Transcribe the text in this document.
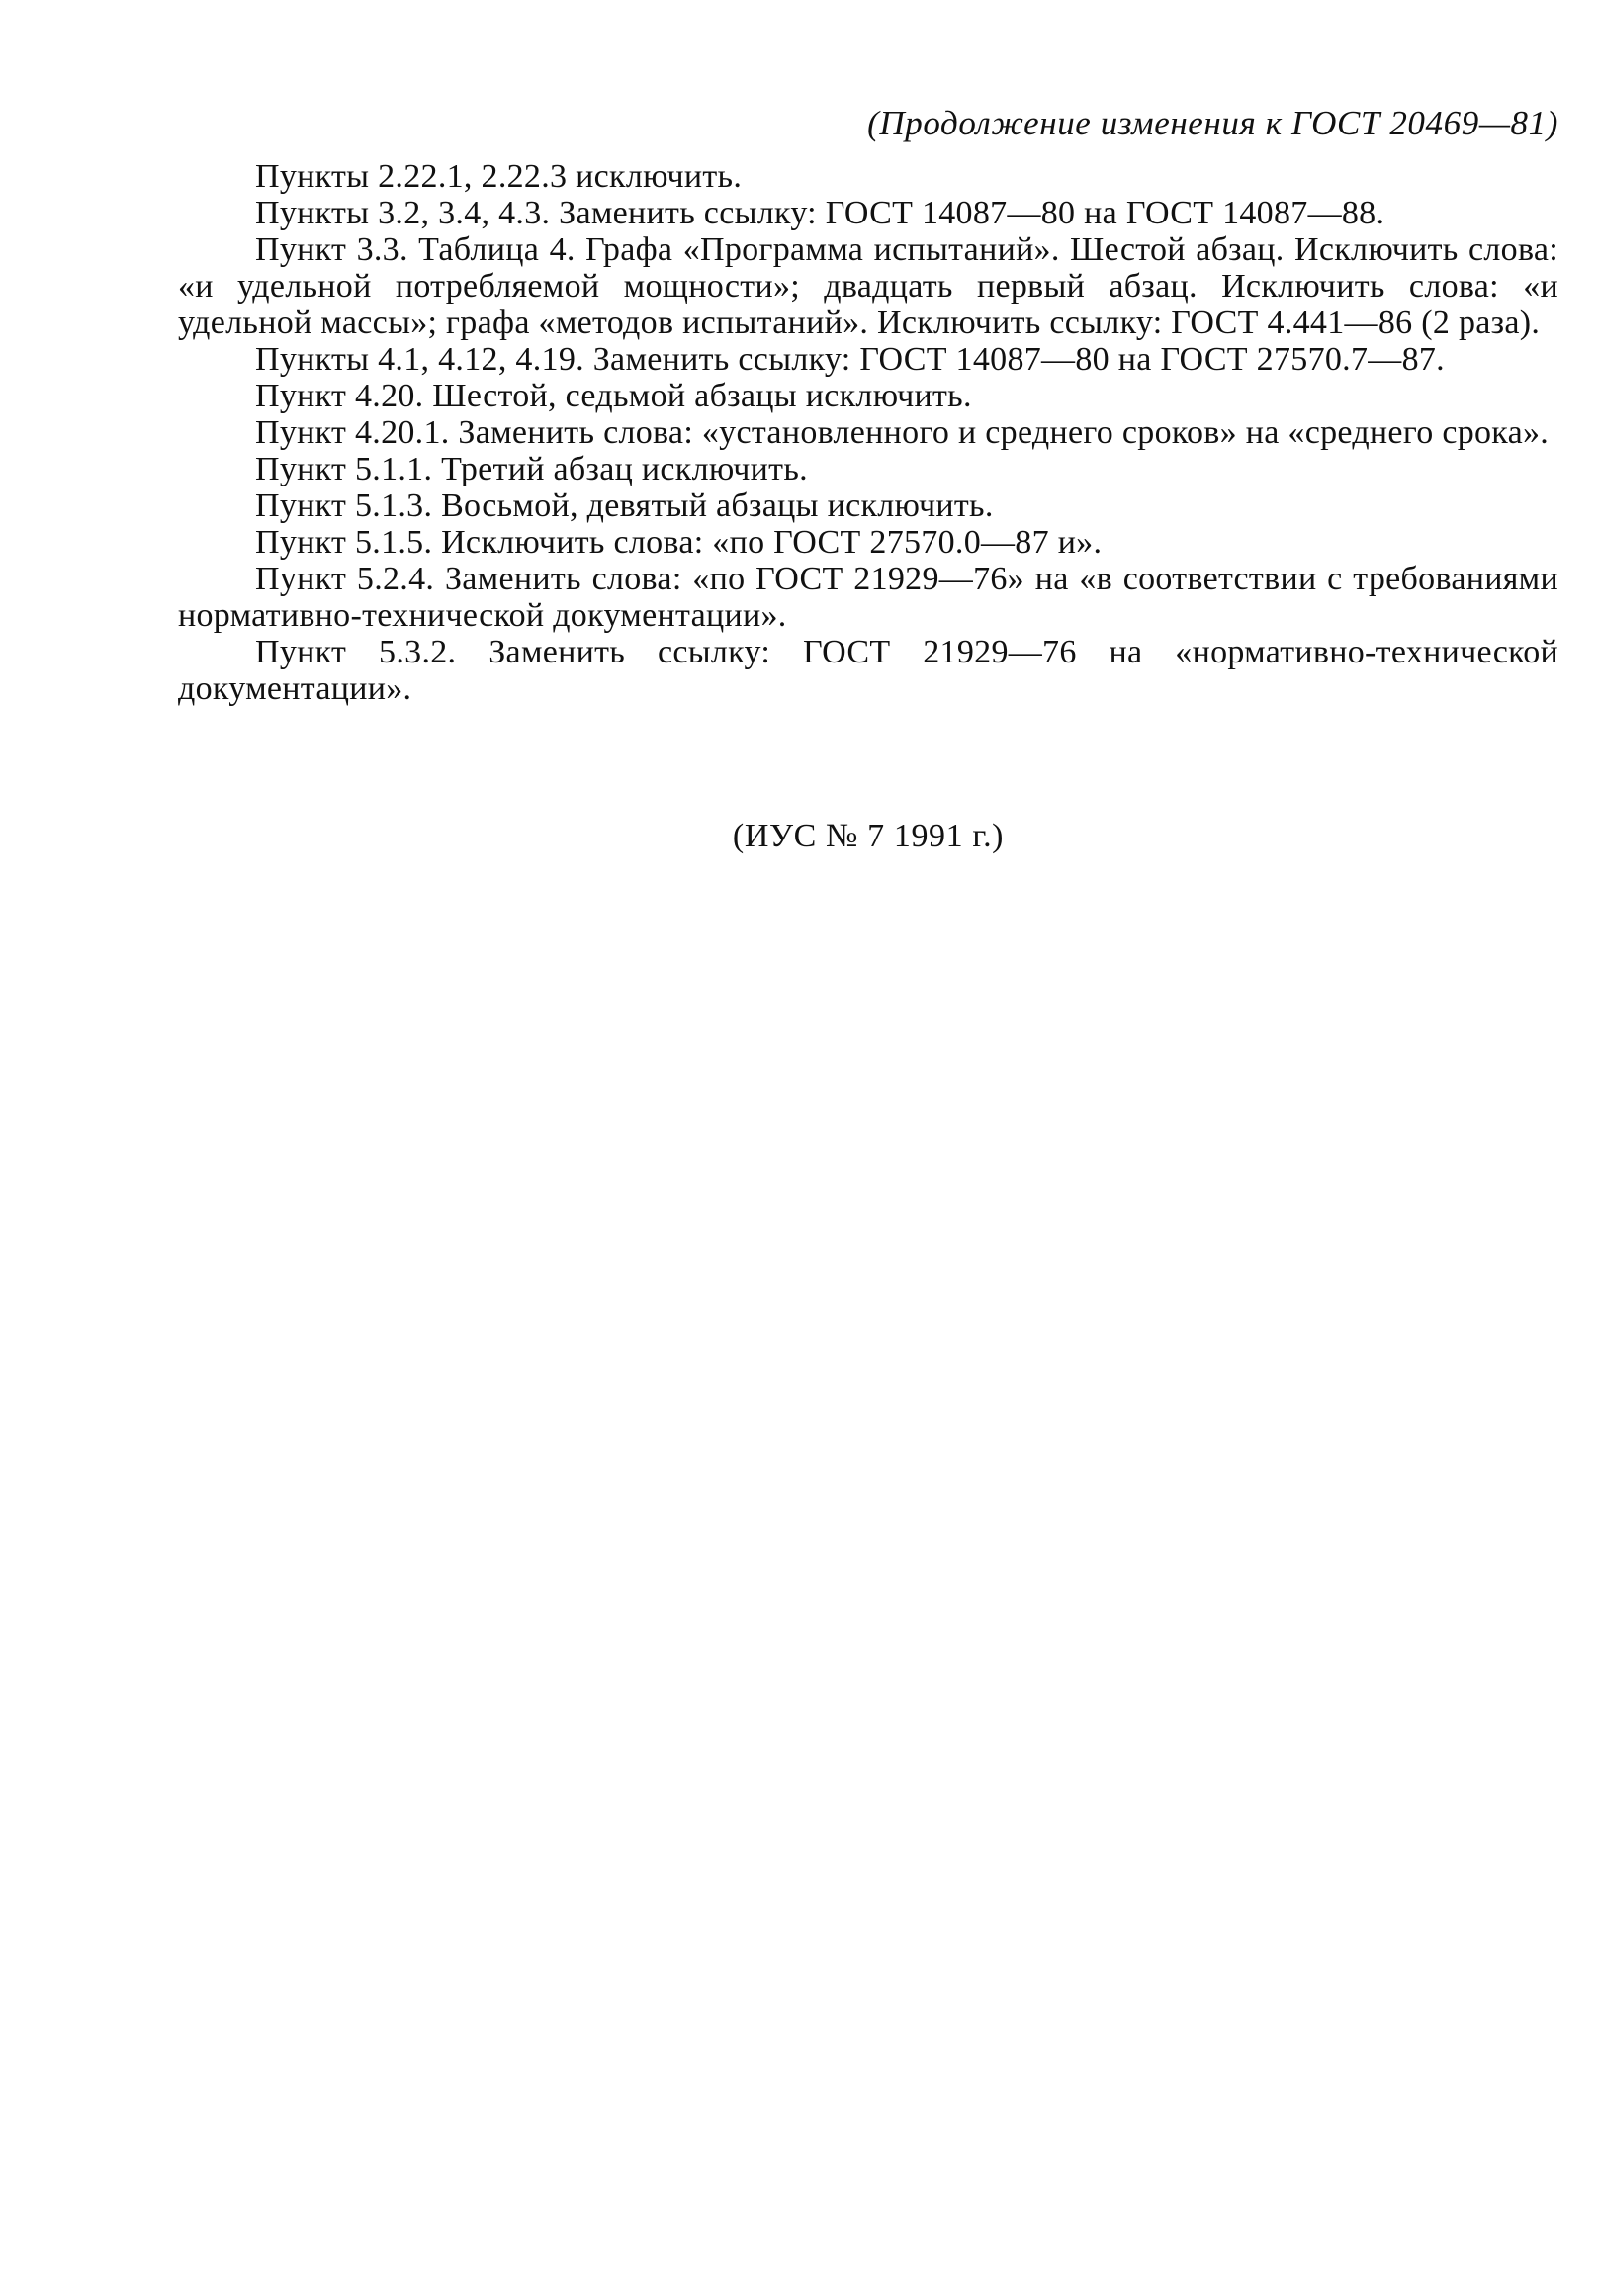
(Продолжение изменения к ГОСТ 20469—81)

Пункты 2.22.1, 2.22.3 исключить.

Пункты 3.2, 3.4, 4.3. Заменить ссылку: ГОСТ 14087—80 на ГОСТ 14087—88.

Пункт 3.3. Таблица 4. Графа «Программа испытаний». Шестой абзац. Исключить слова: «и удельной потребляемой мощности»; двадцать первый абзац. Исключить слова: «и удельной массы»; графа «методов испытаний». Исключить ссылку: ГОСТ 4.441—86 (2 раза).

Пункты 4.1, 4.12, 4.19. Заменить ссылку: ГОСТ 14087—80 на ГОСТ 27570.7—87.

Пункт 4.20. Шестой, седьмой абзацы исключить.

Пункт 4.20.1. Заменить слова: «установленного и среднего сроков» на «среднего срока».

Пункт 5.1.1. Третий абзац исключить.

Пункт 5.1.3. Восьмой, девятый абзацы исключить.

Пункт 5.1.5. Исключить слова: «по ГОСТ 27570.0—87 и».

Пункт 5.2.4. Заменить слова: «по ГОСТ 21929—76» на «в соответствии с требованиями нормативно-технической документации».

Пункт 5.3.2. Заменить ссылку: ГОСТ 21929—76 на «нормативно-технической документации».

(ИУС № 7 1991 г.)
